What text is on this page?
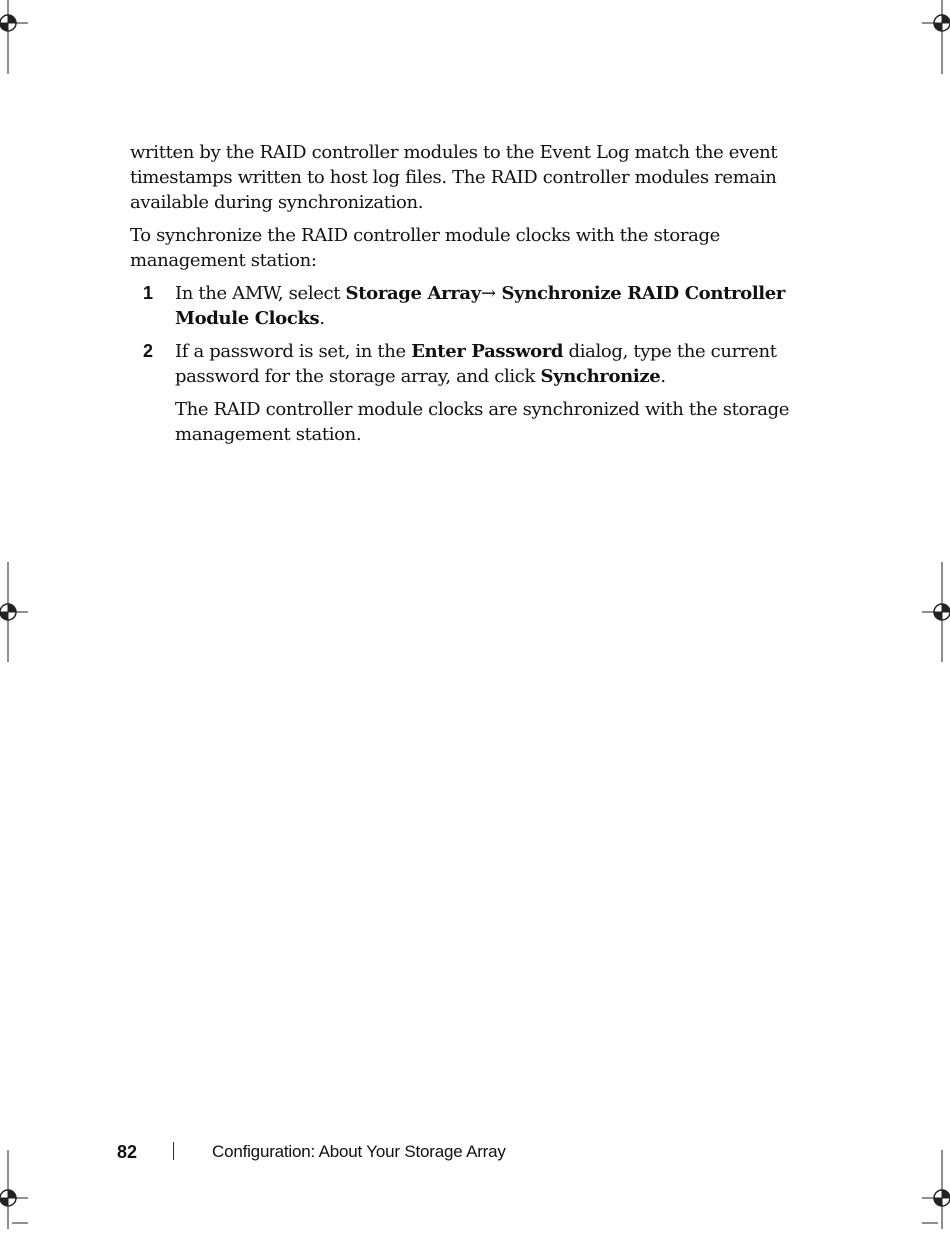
written by the RAID controller modules to the Event Log match the event timestamps written to host log files. The RAID controller modules remain available during synchronization.

To synchronize the RAID controller module clocks with the storage management station:

1	In the AMW, select Storage Array→ Synchronize RAID Controller Module Clocks.
2	If a password is set, in the Enter Password dialog, type the current password for the storage array, and click Synchronize.

The RAID controller module clocks are synchronized with the storage management station.

82	Configuration: About Your Storage Array
